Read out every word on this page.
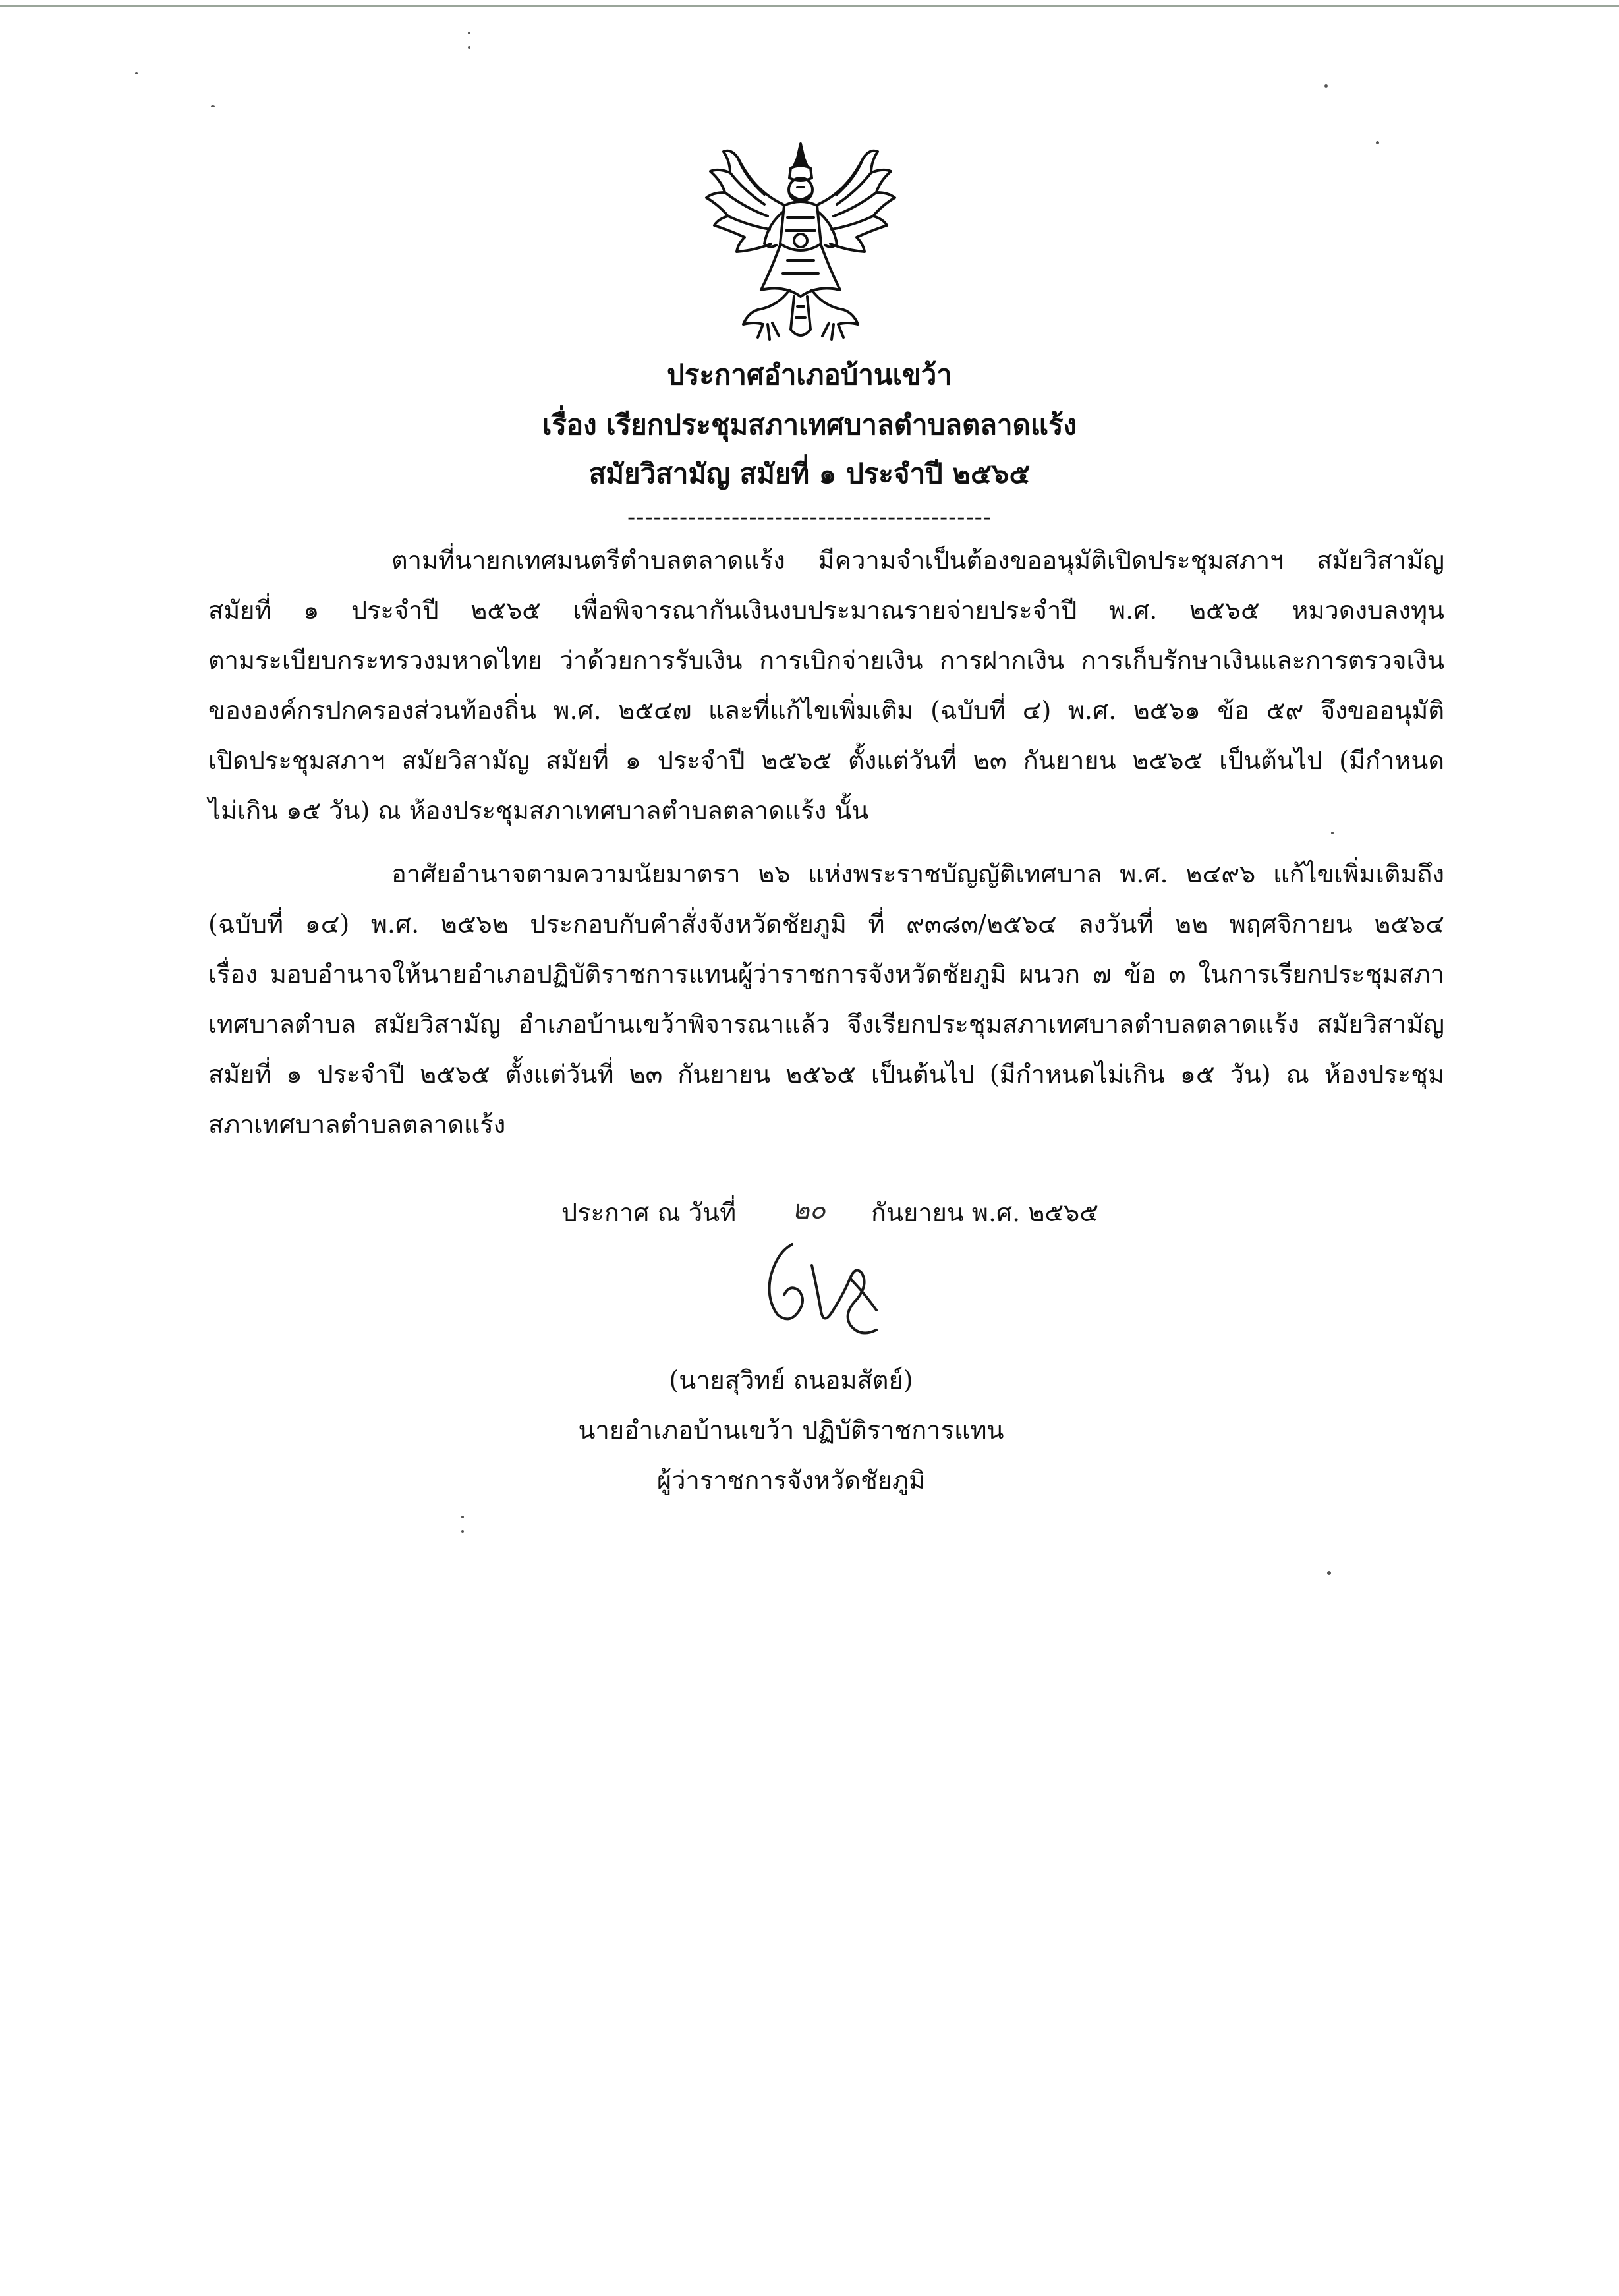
ประกาศอำเภอบ้านเขว้า
เรื่อง เรียกประชุมสภาเทศบาลตำบลตลาดแร้ง
สมัยวิสามัญ สมัยที่ ๑ ประจำปี ๒๕๖๕
------------------------------------------
ตามที่นายกเทศมนตรีตำบลตลาดแร้ง มีความจำเป็นต้องขออนุมัติเปิดประชุมสภาฯ สมัยวิสามัญ
สมัยที่ ๑ ประจำปี ๒๕๖๕ เพื่อพิจารณากันเงินงบประมาณรายจ่ายประจำปี พ.ศ. ๒๕๖๕ หมวดงบลงทุน
ตามระเบียบกระทรวงมหาดไทย ว่าด้วยการรับเงิน การเบิกจ่ายเงิน การฝากเงิน การเก็บรักษาเงินและการตรวจเงิน
ขององค์กรปกครองส่วนท้องถิ่น พ.ศ. ๒๕๔๗ และที่แก้ไขเพิ่มเติม (ฉบับที่ ๔) พ.ศ. ๒๕๖๑ ข้อ ๕๙ จึงขออนุมัติ
เปิดประชุมสภาฯ สมัยวิสามัญ สมัยที่ ๑ ประจำปี ๒๕๖๕ ตั้งแต่วันที่ ๒๓ กันยายน ๒๕๖๕ เป็นต้นไป (มีกำหนด
ไม่เกิน ๑๕ วัน) ณ ห้องประชุมสภาเทศบาลตำบลตลาดแร้ง นั้น
อาศัยอำนาจตามความนัยมาตรา ๒๖ แห่งพระราชบัญญัติเทศบาล พ.ศ. ๒๔๙๖ แก้ไขเพิ่มเติมถึง
(ฉบับที่ ๑๔) พ.ศ. ๒๕๖๒ ประกอบกับคำสั่งจังหวัดชัยภูมิ ที่ ๙๓๘๓/๒๕๖๔ ลงวันที่ ๒๒ พฤศจิกายน ๒๕๖๔
เรื่อง มอบอำนาจให้นายอำเภอปฏิบัติราชการแทนผู้ว่าราชการจังหวัดชัยภูมิ ผนวก ๗ ข้อ ๓ ในการเรียกประชุมสภา
เทศบาลตำบล สมัยวิสามัญ อำเภอบ้านเขว้าพิจารณาแล้ว จึงเรียกประชุมสภาเทศบาลตำบลตลาดแร้ง สมัยวิสามัญ
สมัยที่ ๑ ประจำปี ๒๕๖๕ ตั้งแต่วันที่ ๒๓ กันยายน ๒๕๖๕ เป็นต้นไป (มีกำหนดไม่เกิน ๑๕ วัน) ณ ห้องประชุม
สภาเทศบาลตำบลตลาดแร้ง
ประกาศ ณ วันที่ ๒๐ กันยายน พ.ศ. ๒๕๖๕
(นายสุวิทย์ ถนอมสัตย์)
นายอำเภอบ้านเขว้า ปฏิบัติราชการแทน
ผู้ว่าราชการจังหวัดชัยภูมิ
